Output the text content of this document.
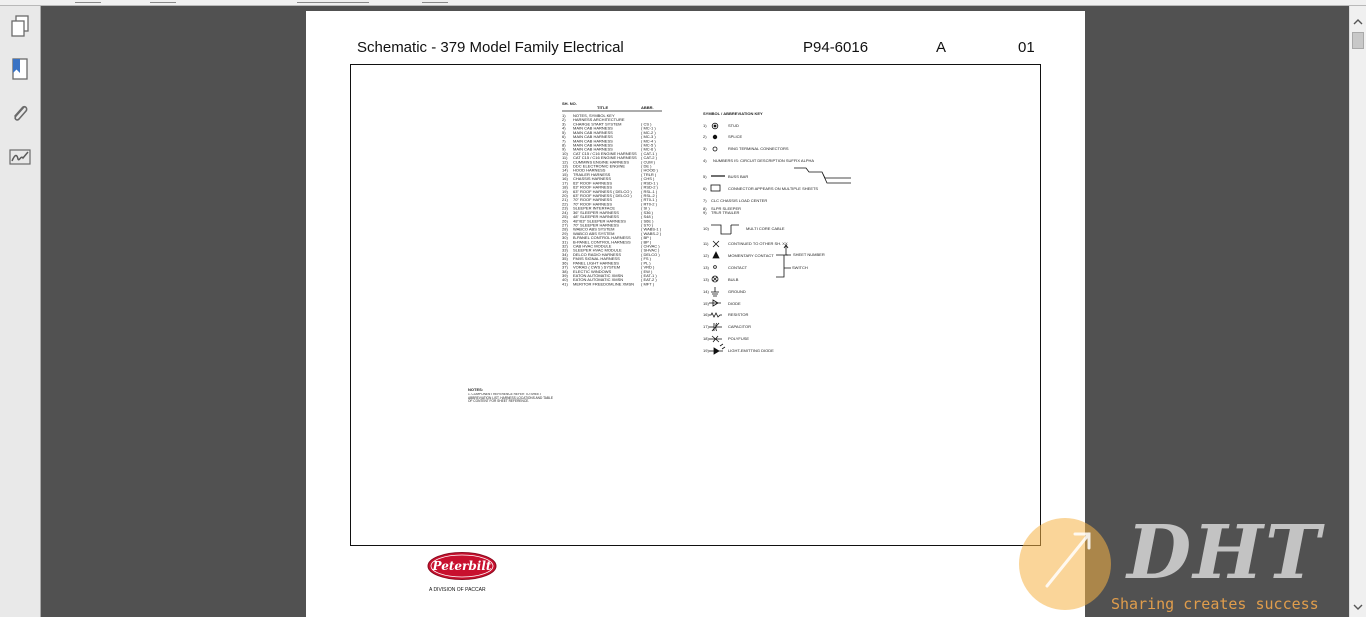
Schematic - 379 Model Family Electrical	P94-6016	A	01
SH. NO.
TITLE	ABBR.
1) NOTES, SYMBOL KEY
2) HARNESS ARCHITECTURE
3) CHARGE START SYSTEM	( CS )
4) MAIN CAB HARNESS	( MC-1 )
5) MAIN CAB HARNESS	( MC-2 )
6) MAIN CAB HARNESS	( MC-3 )
7) MAIN CAB HARNESS	( MC-4 )
8) MAIN CAB HARNESS	( MC-5 )
9) MAIN CAB HARNESS	( MC-6 )
10) CAT C15 / C16 ENGINE HARNESS ( CAT-1 )
11) CAT C15 / C16 ENGINE HARNESS ( CAT-2 )
12) CUMMINS ENGINE HARNESS	( CUM )
13) DDC ELECTRONIC ENGINE	( DE )
14) HOOD HARNESS	( HOOD )
15) TRAILER HARNESS	( TRLR )
16) CHASSIS HARNESS	( CHS )
17) 63" ROOF HARNESS	( RSD-1 )
18) 63" ROOF HARNESS	( RSD-2 )
19) 63" ROOF HARNESS ( DELCO ) ( RSL-1 )
20) 63" ROOF HARNESS ( DELCO ) ( RSL-2 )
21) 70" ROOF HARNESS	( RT0-1 )
22) 70" ROOF HARNESS	( RT0-2 )
23) SLEEPER INTERFACE	( SI )
24) 36" SLEEPER HARNESS	( S36 )
25) 48" SLEEPER HARNESS	( S48 )
26) 48"/63" SLEEPER HARNESS	( S6E )
27) 70" SLEEPER HARNESS	( S70 )
28) WABCO ABS SYSTEM	( WABS-1 )
29) WABCO ABS SYSTEM	( WABS-2 )
30) B-PANEL CONTROL HARNESS	( BP )
31) B-PANEL CONTROL HARNESS	( BP )
32) CAB HVAC MODULE	( CHVAC )
33) SLEEPER HVAC MODULE	( SHVAC )
34) DELCO RADIO HARNESS	( DELCO )
35) FM/IS SIGNAL HARNESS	( FS )
36) PANEL LIGHT HARNESS	( PL )
37) VORAD ( CWS ) SYSTEM	( VRD )
38) ELECTIC WINDOWS	( EW )
39) EATON AUTOMATIC XMSN	( EAT-1 )
40) EATON AUTOMATIC XMSN	( EAT-2 )
41) MERITOR FREEDOMLINE XMSN ( MFT )
SYMBOL / ABBREVIATION KEY
1)	STUD
2)	SPLICE
3)	RING TERMINAL CONNECTORS
4) NUMBERS IS: CIRCUIT DESCRIPTION SUFFIX ALPHA
5)	BUSS BAR
6)	CONNECTOR APPEARS ON MULTIPLE SHEETS
7) CLC CHASSIS LOAD CENTER
8) SLPR SLEEPER
9) TRLR TRAILER
10)	MULTI CORE CABLE
11)	CONTINUED TO OTHER SH. XX
12)	MOMENTARY CONTACT
13)	CONTACT
13)	BULB
14)	GROUND
15)	DIODE
16)	RESISTOR
17)	CAPACITOR
18)	POLYFUSE
19)	LIGHT-EMITTING DIODE
SHEET NUMBER
SWITCH
NOTES:
1. COMPONENT REFERENCE REFER TO SHEET ABBREVIATION LIST. HARNESS LOCATIONS AND TABLE OF CONTENT FOR SHEET REFERENCE.
Peterbilt
A DIVISION OF PACCAR	DHT
Sharing creates success
